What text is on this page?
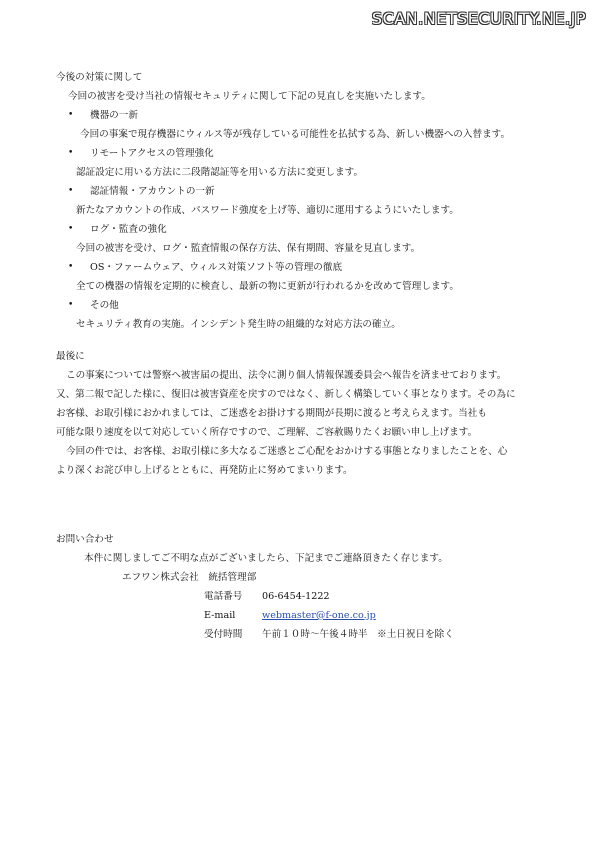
SCAN.NETSECURITY.NE.JP
今後の対策に関して
今回の被害を受け当社の情報セキュリティに関して下記の見直しを実施いたします。
• 機器の一新
今回の事案で現存機器にウィルス等が残存している可能性を払拭する為、新しい機器への入替ます。
• リモートアクセスの管理強化
認証設定に用いる方法に二段階認証等を用いる方法に変更します。
• 認証情報・アカウントの一新
新たなアカウントの作成、パスワード強度を上げ等、適切に運用するようにいたします。
• ログ・監査の強化
今回の被害を受け、ログ・監査情報の保存方法、保有期間、容量を見直します。
• OS・ファームウェア、ウィルス対策ソフト等の管理の徹底
全ての機器の情報を定期的に検査し、最新の物に更新が行われるかを改めて管理します。
• その他
セキュリティ教育の実施。インシデント発生時の組織的な対応方法の確立。
最後に
この事案については警察へ被害届の提出、法令に測り個人情報保護委員会へ報告を済ませております。
又、第二報で記した様に、復旧は被害資産を戻すのではなく、新しく構築していく事となります。その為に
お客様、お取引様におかれましては、ご迷惑をお掛けする期間が長期に渡ると考えらえます。当社も
可能な限り速度を以て対応していく所存ですので、ご理解、ご容赦賜りたくお願い申し上げます。
今回の件では、お客様、お取引様に多大なるご迷惑とご心配をおかけする事態となりましたことを、心
より深くお詫び申し上げるとともに、再発防止に努めてまいります。
お問い合わせ
本件に関しましてご不明な点がございましたら、下記までご連絡頂きたく存じます。
エフワン株式会社　統括管理部
電話番号 06-6454-1222
E-mail	webmaster@f-one.co.jp
受付時間 午前１０時〜午後４時半　※土日祝日を除く
